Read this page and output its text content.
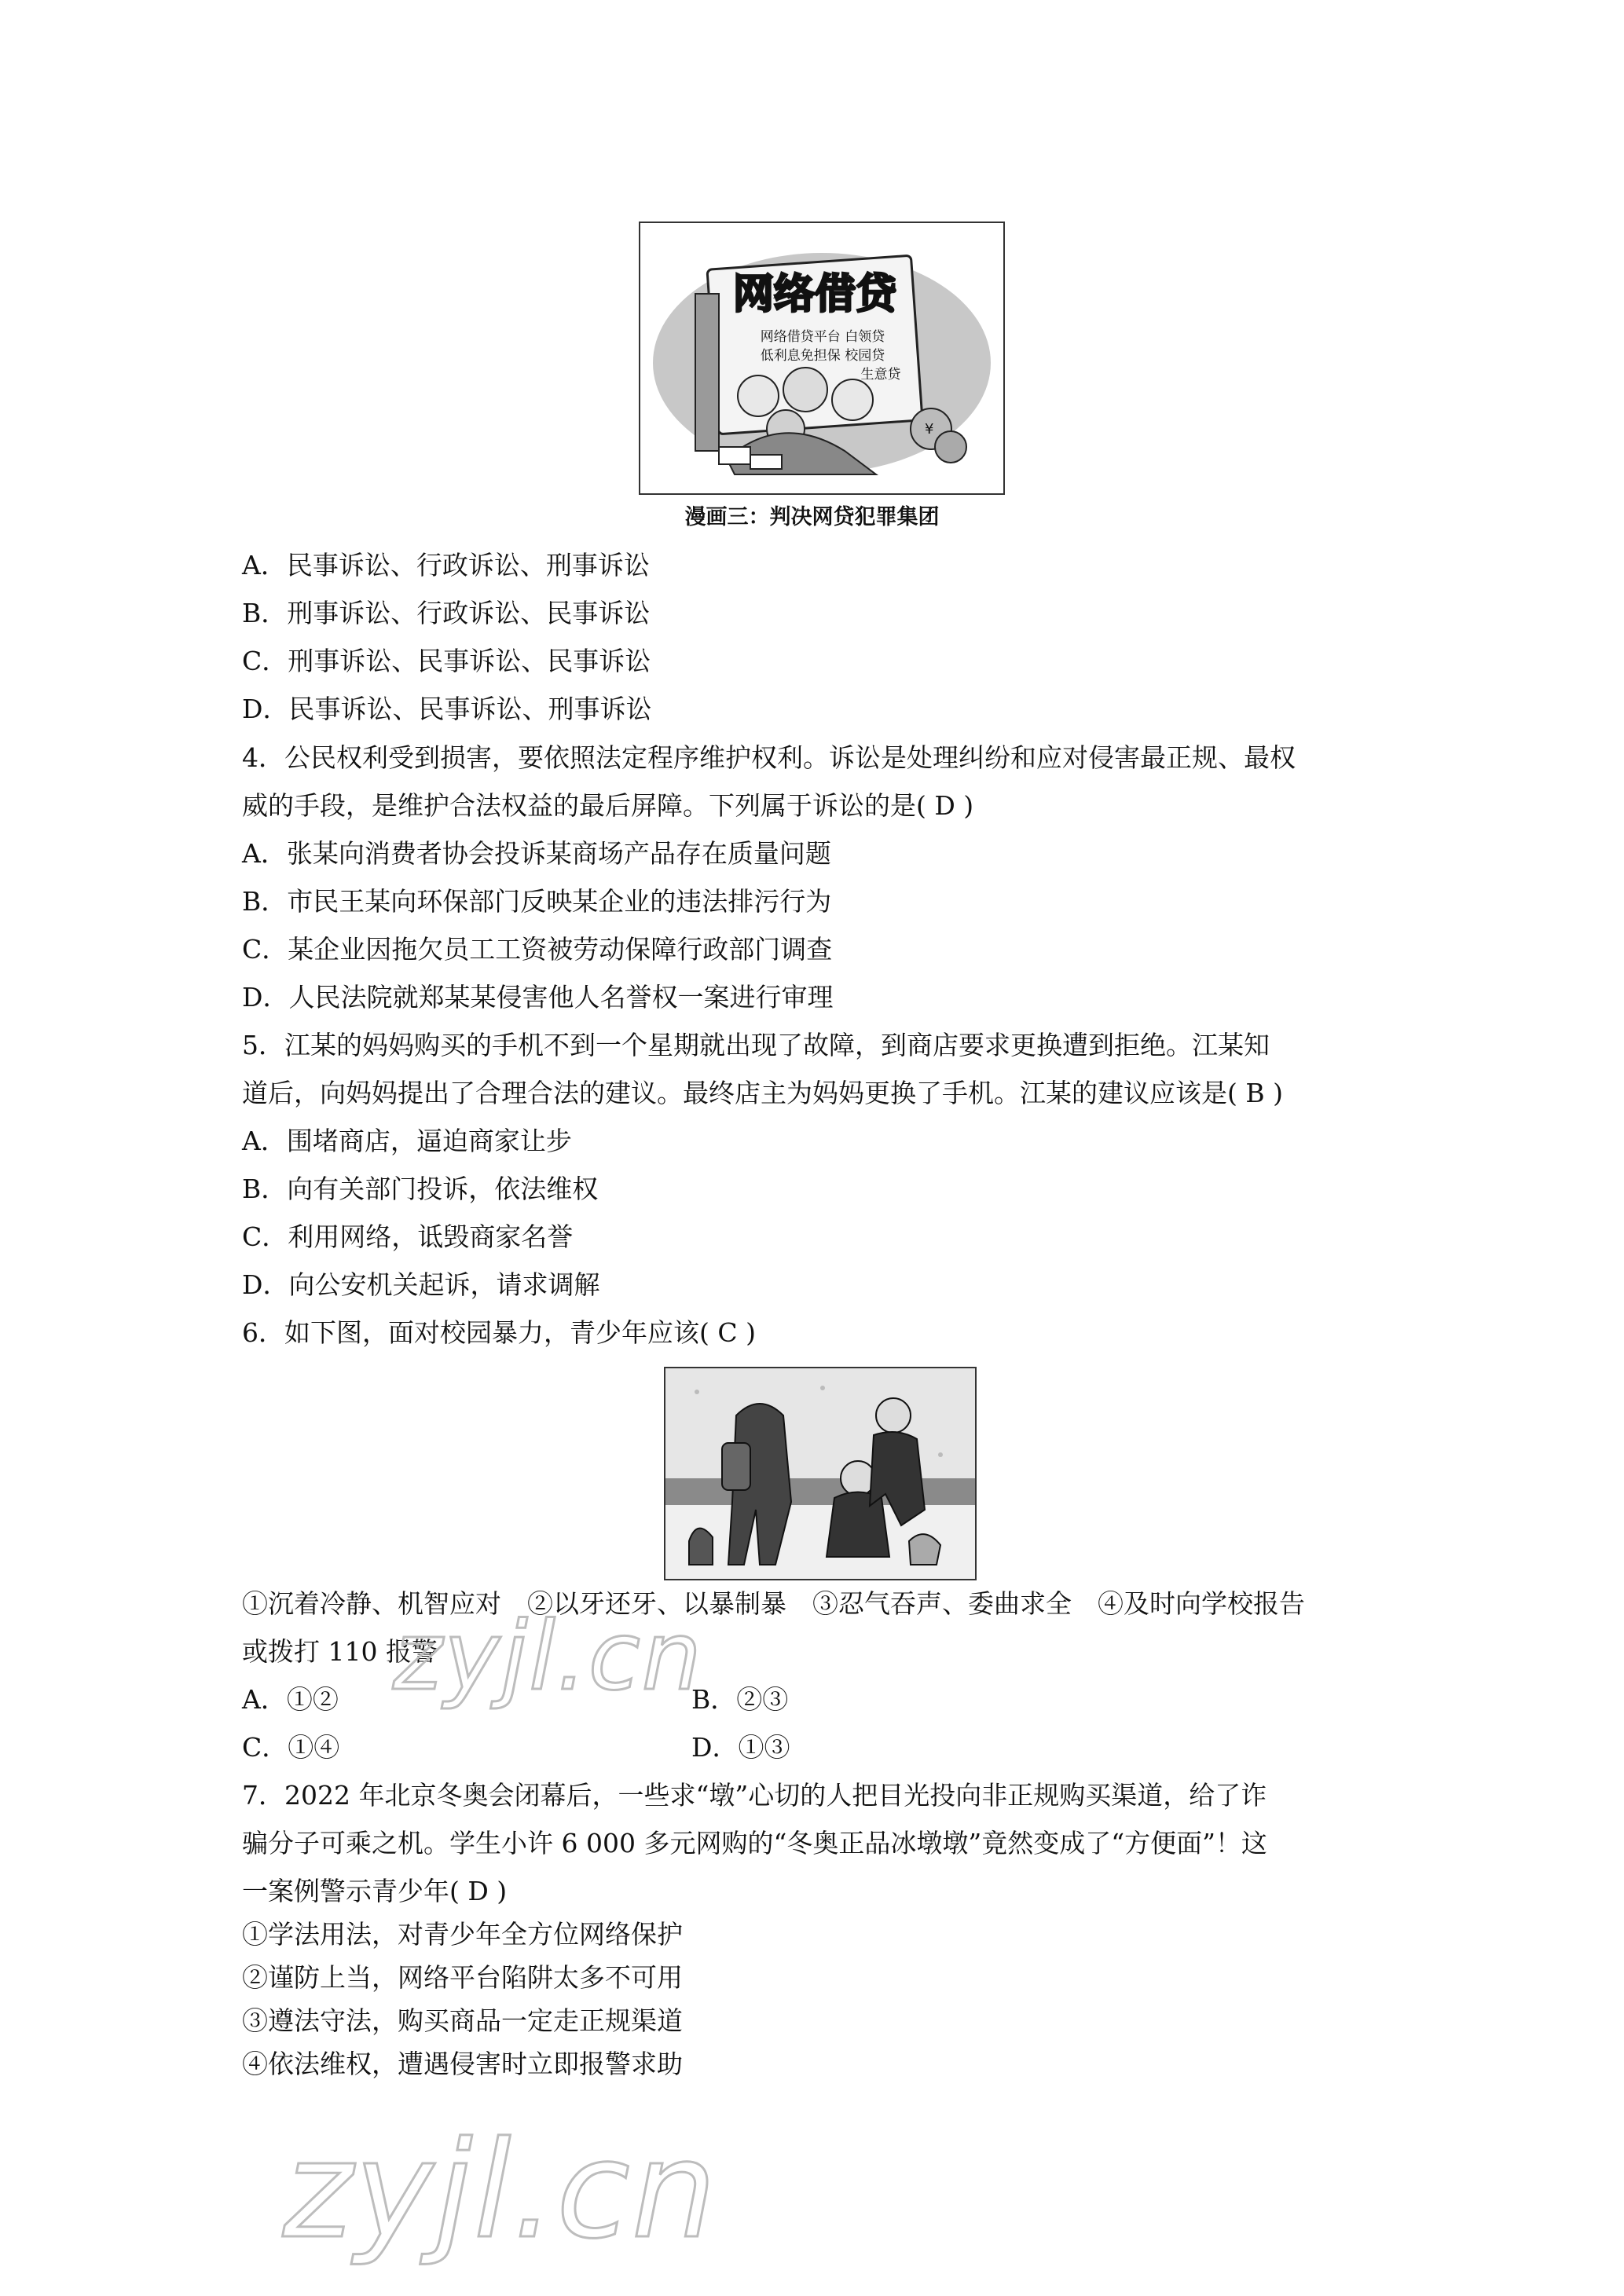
网络借贷
网络借贷平台 白领贷
低利息免担保 校园贷
生意贷
¥
漫画三：判决网贷犯罪集团
A．民事诉讼、行政诉讼、刑事诉讼
B．刑事诉讼、行政诉讼、民事诉讼
C．刑事诉讼、民事诉讼、民事诉讼
D．民事诉讼、民事诉讼、刑事诉讼
4．公民权利受到损害，要依照法定程序维护权利。诉讼是处理纠纷和应对侵害最正规、最权
威的手段，是维护合法权益的最后屏障。下列属于诉讼的是( D )
A．张某向消费者协会投诉某商场产品存在质量问题
B．市民王某向环保部门反映某企业的违法排污行为
C．某企业因拖欠员工工资被劳动保障行政部门调查
D．人民法院就郑某某侵害他人名誉权一案进行审理
5．江某的妈妈购买的手机不到一个星期就出现了故障，到商店要求更换遭到拒绝。江某知
道后，向妈妈提出了合理合法的建议。最终店主为妈妈更换了手机。江某的建议应该是( B )
A．围堵商店，逼迫商家让步
B．向有关部门投诉，依法维权
C．利用网络，诋毁商家名誉
D．向公安机关起诉，请求调解
6．如下图，面对校园暴力，青少年应该( C )
①沉着冷静、机智应对　②以牙还牙、以暴制暴　③忍气吞声、委曲求全　④及时向学校报告
或拨打 110 报警
A．①②	B．②③
C．①④	D．①③
7．2022 年北京冬奥会闭幕后，一些求“墩”心切的人把目光投向非正规购买渠道，给了诈
骗分子可乘之机。学生小许 6 000 多元网购的“冬奥正品冰墩墩”竟然变成了“方便面”！这
一案例警示青少年( D )
①学法用法，对青少年全方位网络保护
②谨防上当，网络平台陷阱太多不可用
③遵法守法，购买商品一定走正规渠道
④依法维权，遭遇侵害时立即报警求助
zyjl.cn
zyjl.cn
